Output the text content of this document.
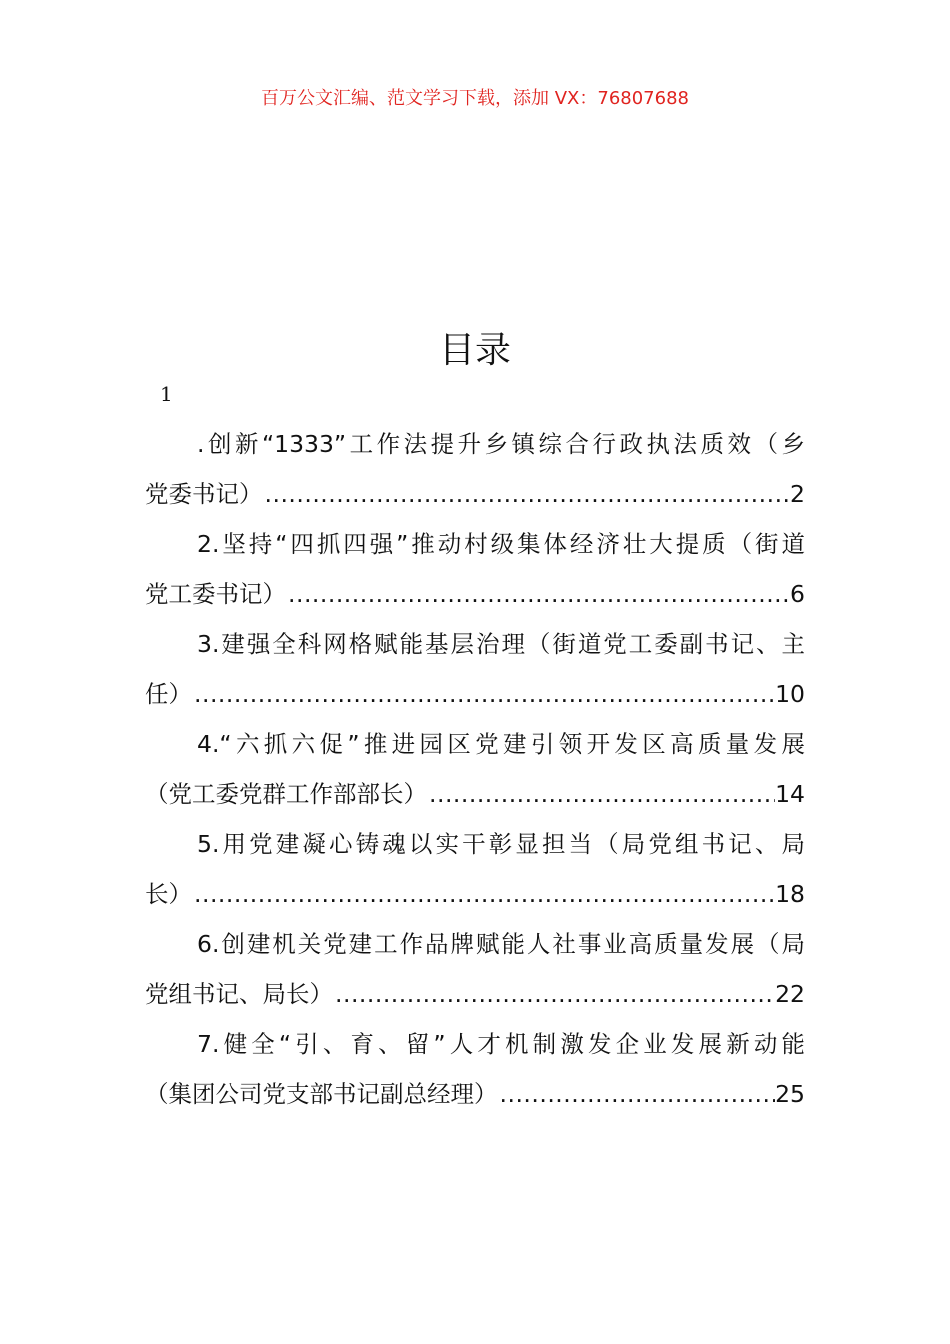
百万公文汇编、范文学习下载，添加 VX：76807688
目录
1
.创新“1333”工作法提升乡镇综合行政执法质效（乡
党委书记） .....	2
2.坚持“四抓四强”推动村级集体经济壮大提质（街道
党工委书记） .....	6
3.建强全科网格赋能基层治理（街道党工委副书记、主
任） .....	10
4.“六抓六促”推进园区党建引领开发区高质量发展
（党工委党群工作部部长） .....	14
5.用党建凝心铸魂以实干彰显担当（局党组书记、局
长） .....	18
6.创建机关党建工作品牌赋能人社事业高质量发展（局
党组书记、局长） .....	22
7.健全“引、育、留”人才机制激发企业发展新动能
（集团公司党支部书记副总经理） .....	25
